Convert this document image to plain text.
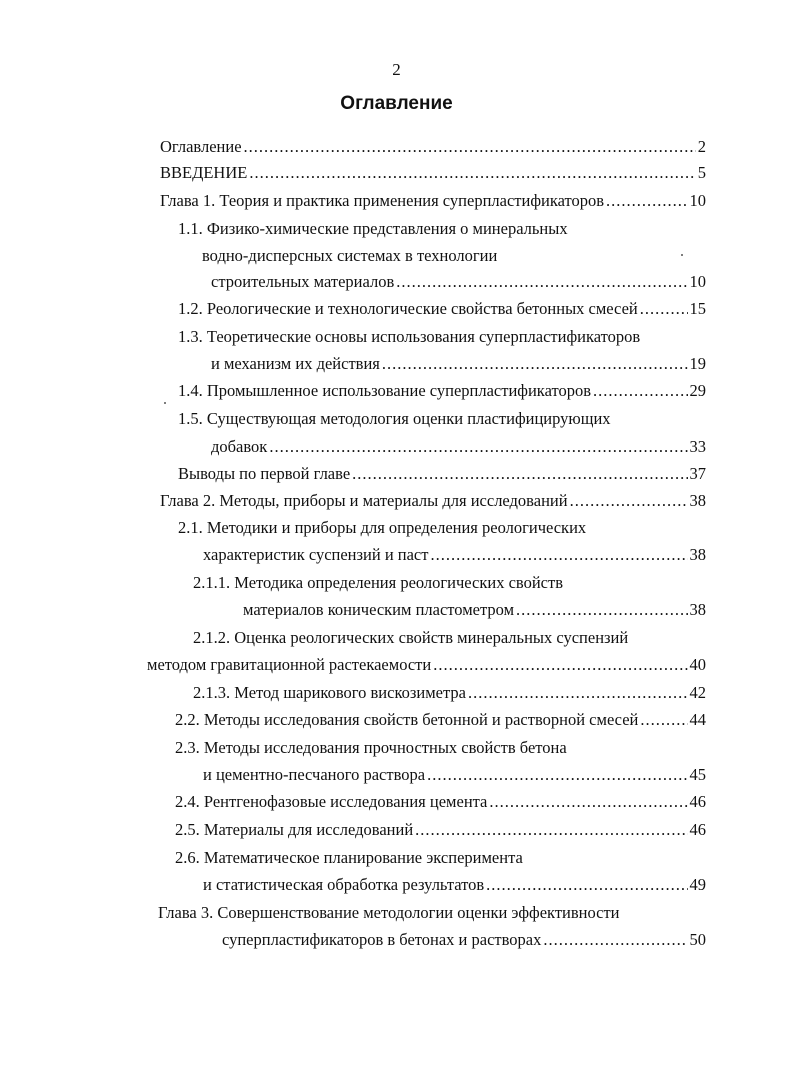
2
Оглавление
Оглавление .....	2
ВВЕДЕНИЕ .....	5
Глава 1. Теория и практика применения суперпластификаторов .....	10
1.1. Физико-химические представления о минеральных
водно-дисперсных системах в технологии
строительных материалов .....	10
1.2. Реологические и технологические свойства бетонных смесей .....	15
1.3. Теоретические основы использования суперпластификаторов
и механизм их действия .....	19
1.4. Промышленное использование суперпластификаторов .....	29
1.5. Существующая методология оценки пластифицирующих
добавок .....	33
Выводы по первой главе .....	37
Глава 2. Методы, приборы и материалы для исследований .....	38
2.1. Методики и приборы для определения реологических
характеристик суспензий и паст .....	38
2.1.1. Методика определения реологических свойств
материалов коническим пластометром .....	38
2.1.2. Оценка реологических свойств минеральных суспензий
методом гравитационной растекаемости .....	40
2.1.3. Метод шарикового вискозиметра .....	42
2.2. Методы исследования свойств бетонной и растворной смесей .....	44
2.3. Методы исследования прочностных свойств бетона
и цементно-песчаного раствора .....	45
2.4. Рентгенофазовые исследования цемента .....	46
2.5. Материалы для исследований .....	46
2.6. Математическое планирование эксперимента
и статистическая обработка результатов .....	49
Глава 3. Совершенствование методологии оценки эффективности
суперпластификаторов в бетонах и растворах .....	50
